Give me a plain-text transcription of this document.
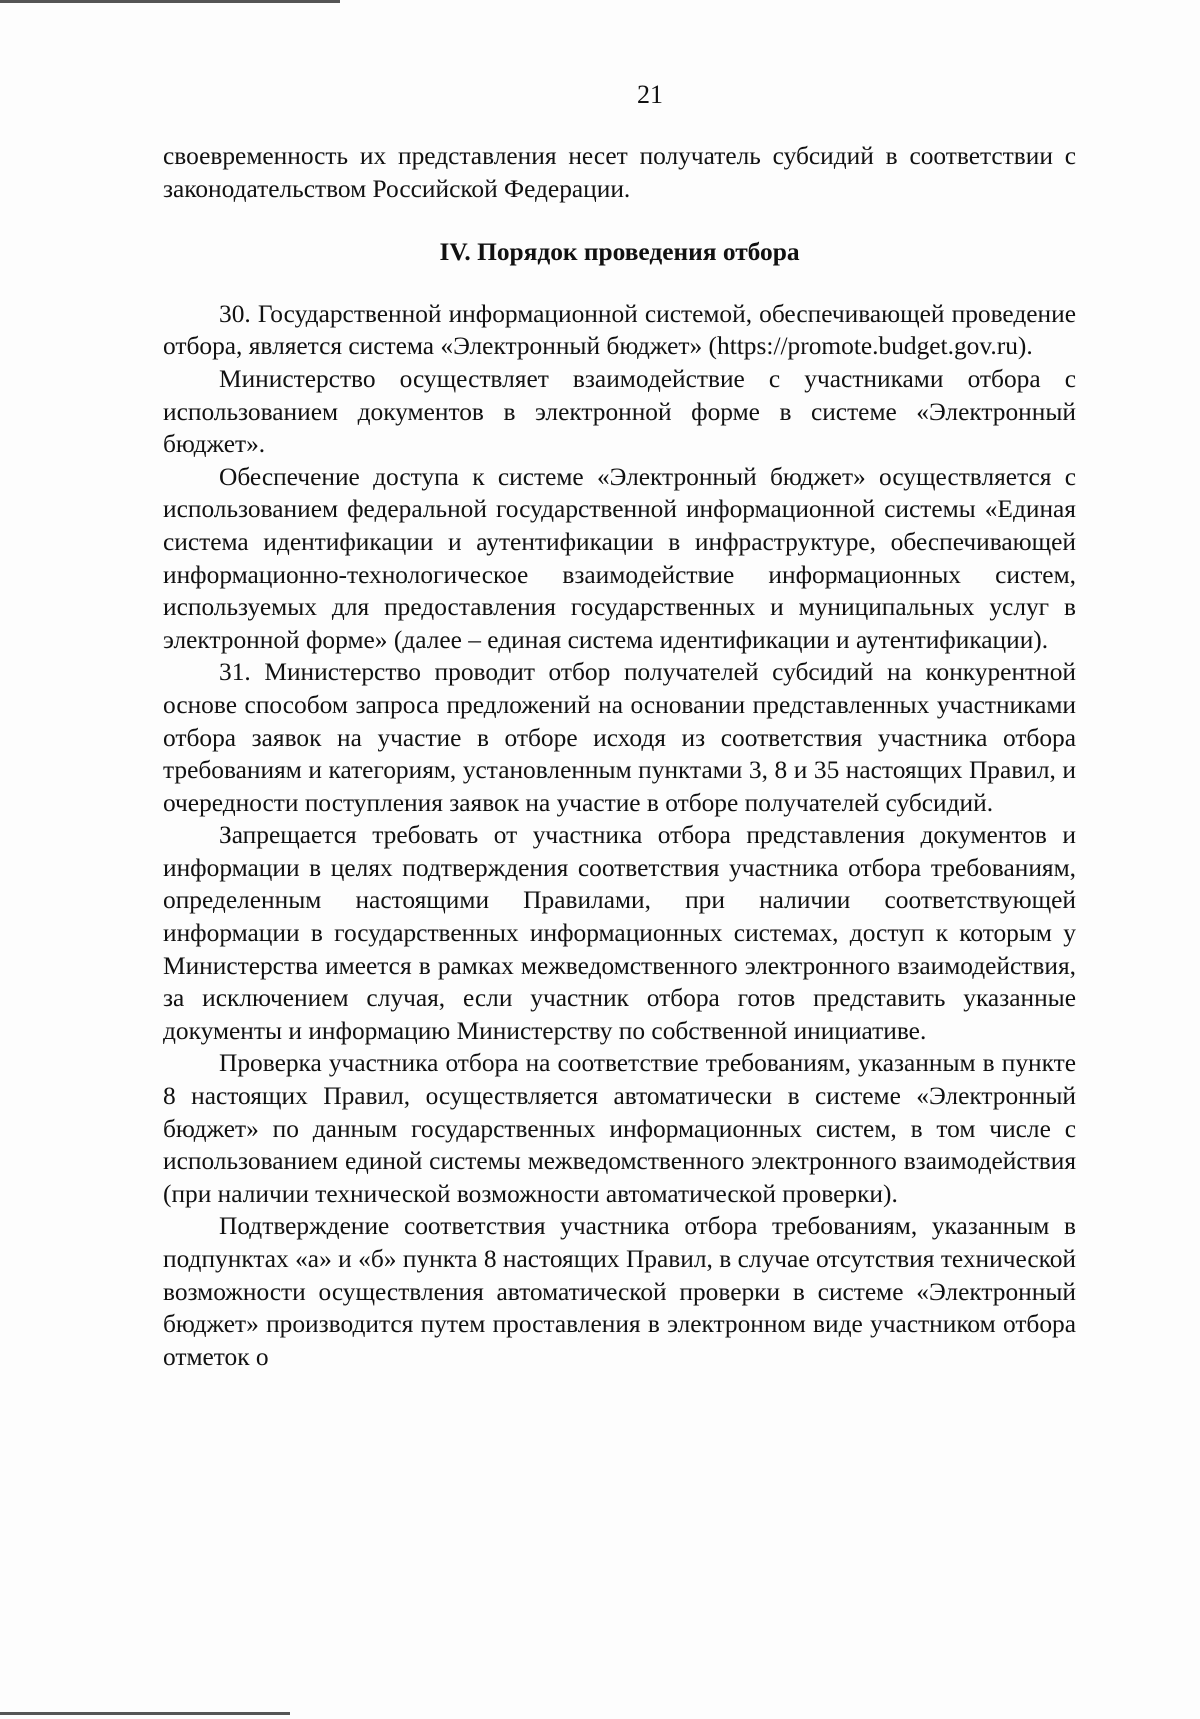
21

своевременность их представления несет получатель субсидий в соответствии с законодательством Российской Федерации.

IV. Порядок проведения отбора

30. Государственной информационной системой, обеспечивающей проведение отбора, является система «Электронный бюджет» (https://promote.budget.gov.ru).

Министерство осуществляет взаимодействие с участниками отбора с использованием документов в электронной форме в системе «Электронный бюджет».

Обеспечение доступа к системе «Электронный бюджет» осуществляется с использованием федеральной государственной информационной системы «Единая система идентификации и аутентификации в инфраструктуре, обеспечивающей информационно-технологическое взаимодействие информационных систем, используемых для предоставления государственных и муниципальных услуг в электронной форме» (далее – единая система идентификации и аутентификации).

31. Министерство проводит отбор получателей субсидий на конкурентной основе способом запроса предложений на основании представленных участниками отбора заявок на участие в отборе исходя из соответствия участника отбора требованиям и категориям, установленным пунктами 3, 8 и 35 настоящих Правил, и очередности поступления заявок на участие в отборе получателей субсидий.

Запрещается требовать от участника отбора представления документов и информации в целях подтверждения соответствия участника отбора требованиям, определенным настоящими Правилами, при наличии соответствующей информации в государственных информационных системах, доступ к которым у Министерства имеется в рамках межведомственного электронного взаимодействия, за исключением случая, если участник отбора готов представить указанные документы и информацию Министерству по собственной инициативе.

Проверка участника отбора на соответствие требованиям, указанным в пункте 8 настоящих Правил, осуществляется автоматически в системе «Электронный бюджет» по данным государственных информационных систем, в том числе с использованием единой системы межведомственного электронного взаимодействия (при наличии технической возможности автоматической проверки).

Подтверждение соответствия участника отбора требованиям, указанным в подпунктах «а» и «б» пункта 8 настоящих Правил, в случае отсутствия технической возможности осуществления автоматической проверки в системе «Электронный бюджет» производится путем проставления в электронном виде участником отбора отметок о
